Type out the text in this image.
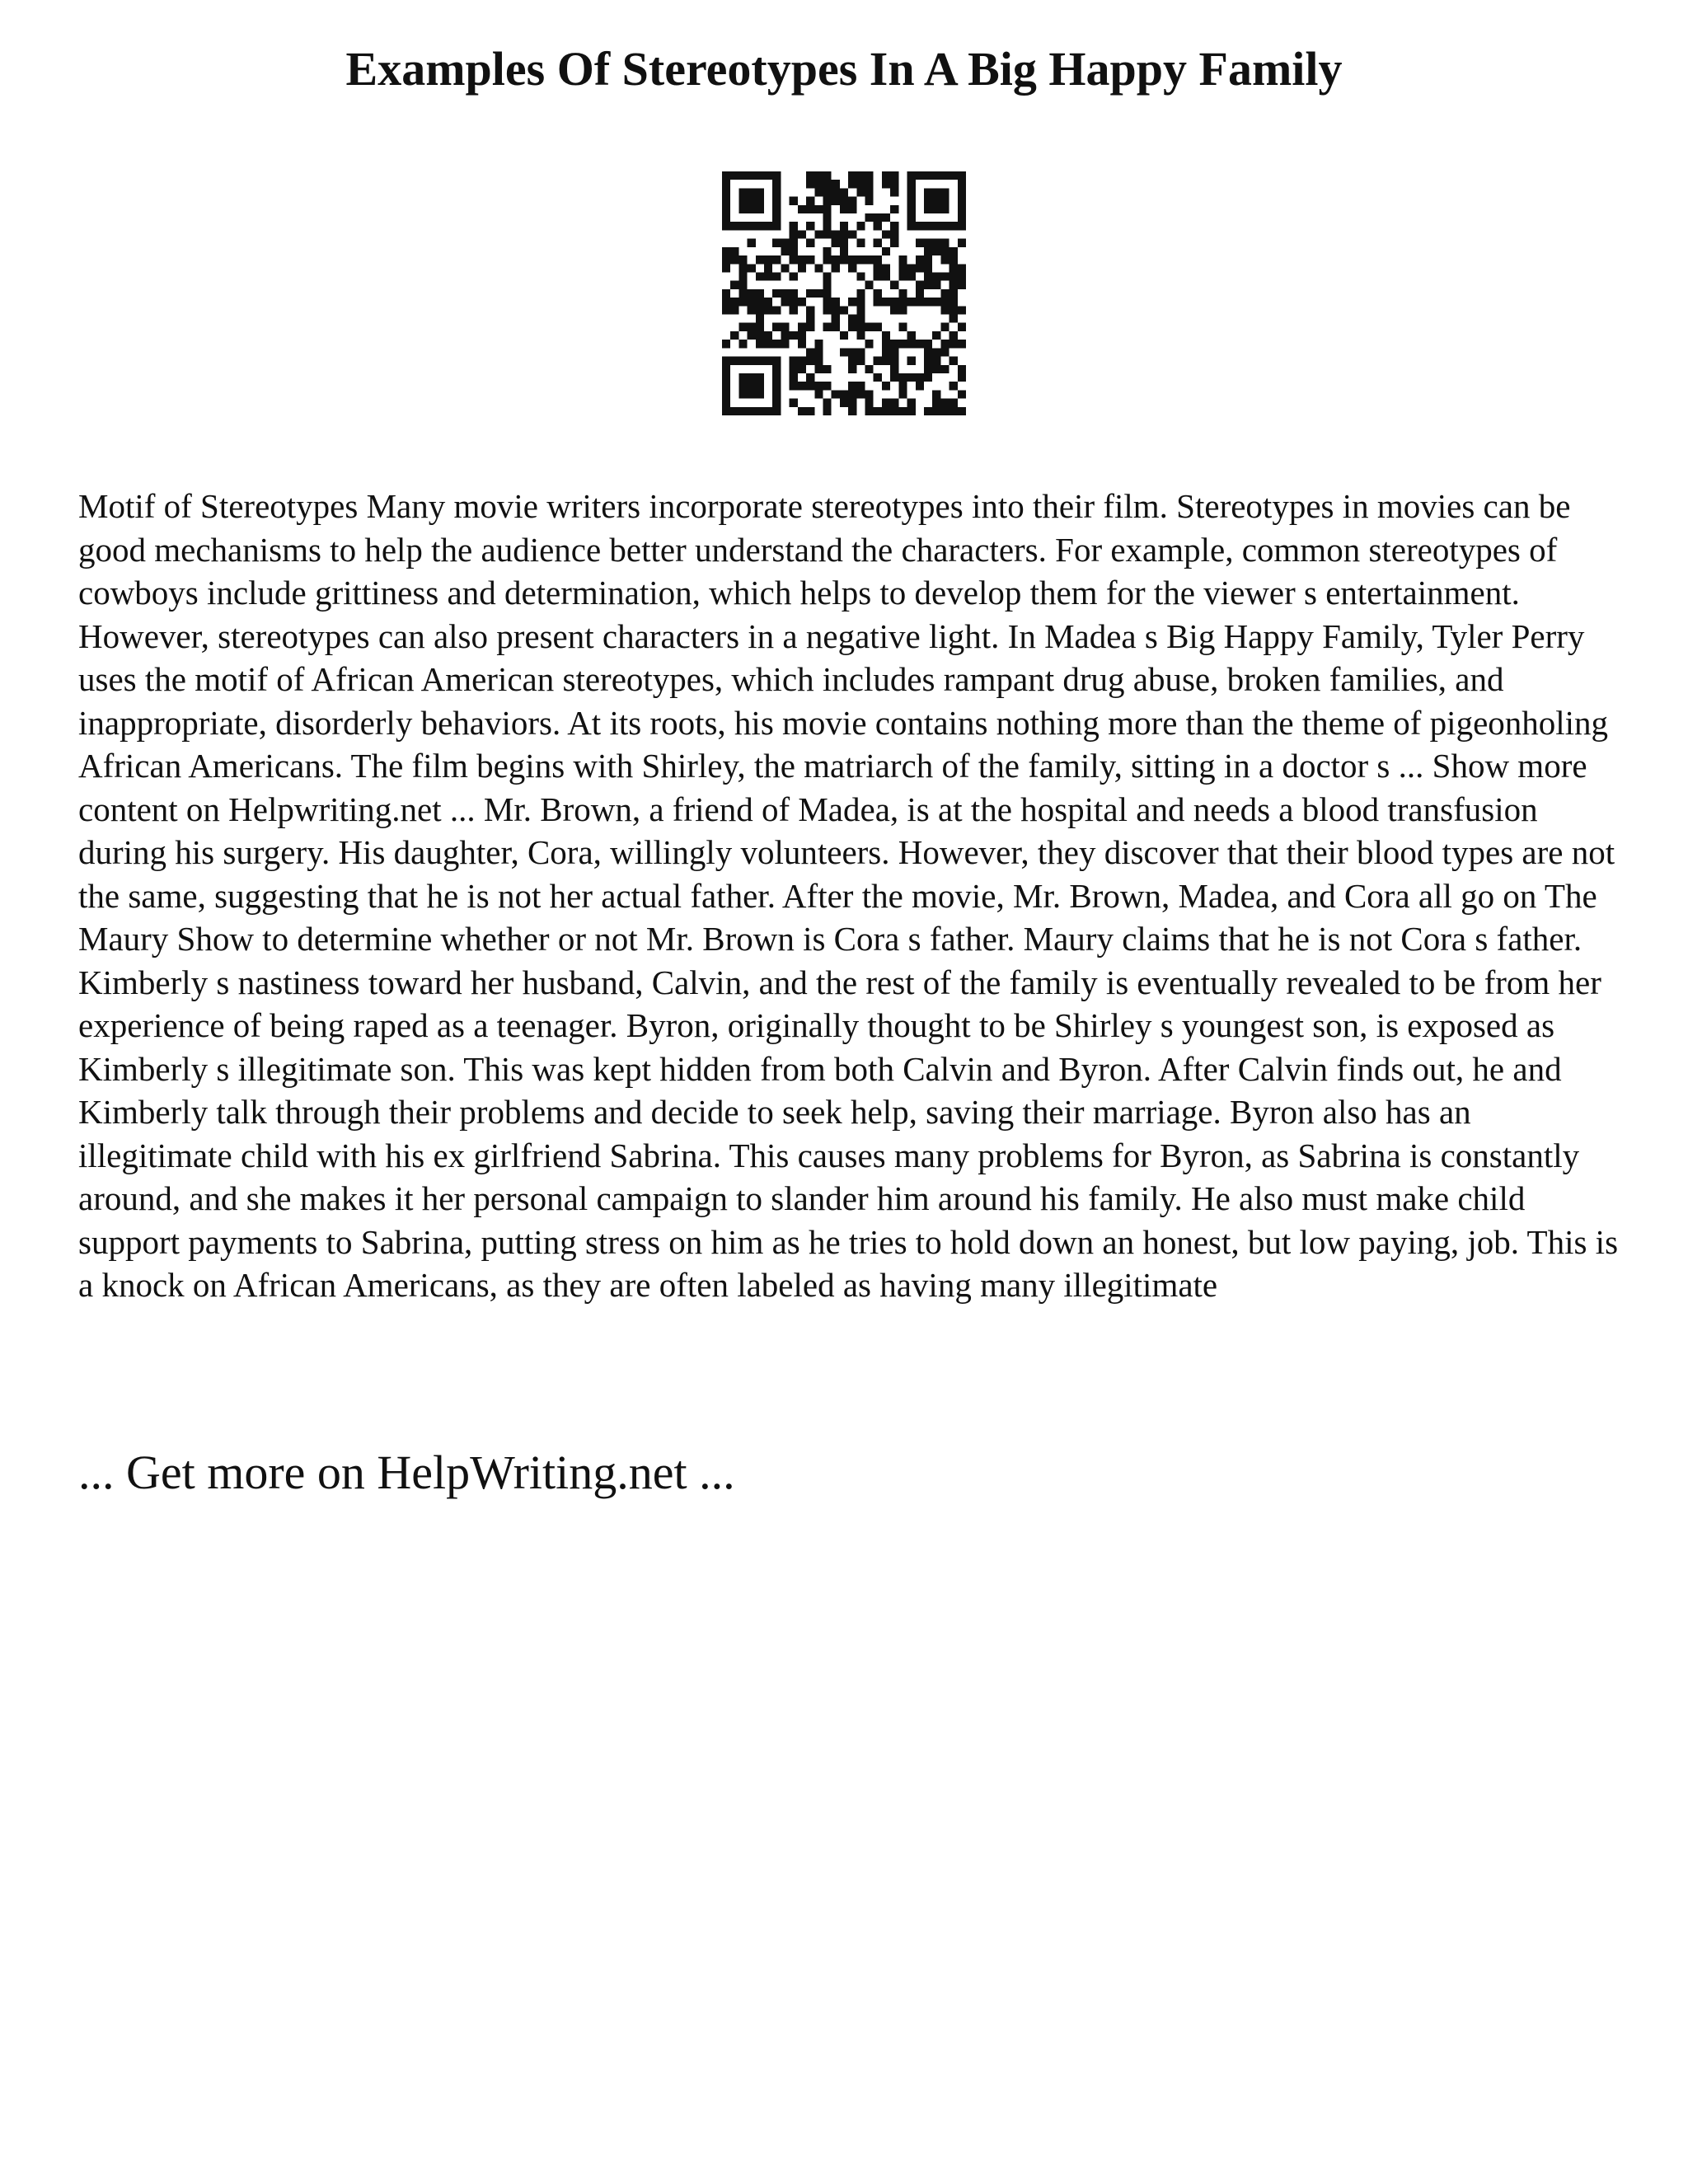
Examples Of Stereotypes In A Big Happy Family

Motif of Stereotypes Many movie writers incorporate stereotypes into their film. Stereotypes in movies can be good mechanisms to help the audience better understand the characters. For example, common stereotypes of cowboys include grittiness and determination, which helps to develop them for the viewer s entertainment. However, stereotypes can also present characters in a negative light. In Madea s Big Happy Family, Tyler Perry uses the motif of African American stereotypes, which includes rampant drug abuse, broken families, and inappropriate, disorderly behaviors. At its roots, his movie contains nothing more than the theme of pigeonholing African Americans. The film begins with Shirley, the matriarch of the family, sitting in a doctor s ... Show more content on Helpwriting.net ... Mr. Brown, a friend of Madea, is at the hospital and needs a blood transfusion during his surgery. His daughter, Cora, willingly volunteers. However, they discover that their blood types are not the same, suggesting that he is not her actual father. After the movie, Mr. Brown, Madea, and Cora all go on The Maury Show to determine whether or not Mr. Brown is Cora s father. Maury claims that he is not Cora s father. Kimberly s nastiness toward her husband, Calvin, and the rest of the family is eventually revealed to be from her experience of being raped as a teenager. Byron, originally thought to be Shirley s youngest son, is exposed as Kimberly s illegitimate son. This was kept hidden from both Calvin and Byron. After Calvin finds out, he and Kimberly talk through their problems and decide to seek help, saving their marriage. Byron also has an illegitimate child with his ex girlfriend Sabrina. This causes many problems for Byron, as Sabrina is constantly around, and she makes it her personal campaign to slander him around his family. He also must make child support payments to Sabrina, putting stress on him as he tries to hold down an honest, but low paying, job. This is a knock on African Americans, as they are often labeled as having many illegitimate

... Get more on HelpWriting.net ...
